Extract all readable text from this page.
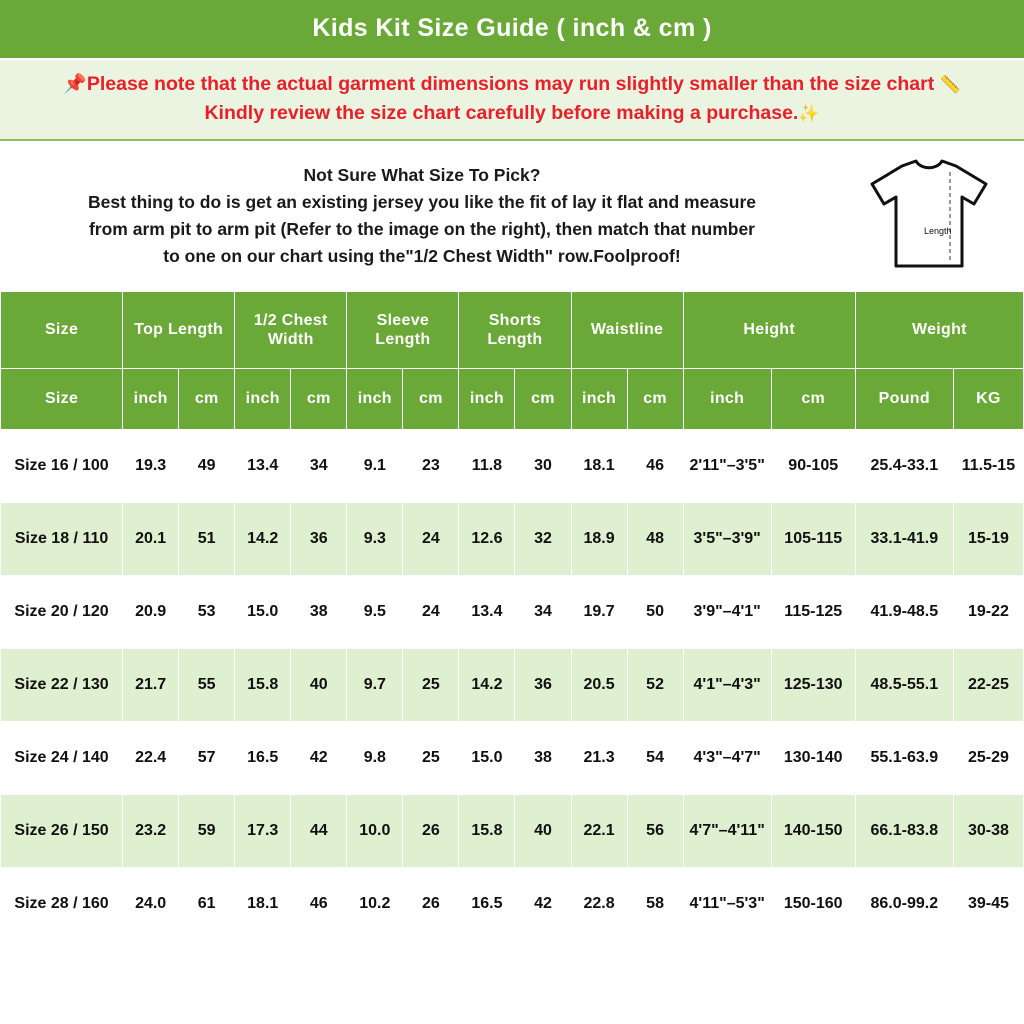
Kids Kit Size Guide ( inch & cm )
📌Please note that the actual garment dimensions may run slightly smaller than the size chart 📏
Kindly review the size chart carefully before making a purchase.✨
Not Sure What Size To Pick?
Best thing to do is get an existing jersey you like the fit of lay it flat and measure
from arm pit to arm pit (Refer to the image on the right), then match that number
to one on our chart using the"1/2 Chest Width" row.Foolproof!
Length
Size	Top Length		1/2 Chest Width		Sleeve Length		Shorts Length		Waistline		Height		Weight	
Size	inch	cm	inch	cm	inch	cm	inch	cm	inch	cm	inch	cm	Pound	KG
Size 16 / 100	19.3	49	13.4	34	9.1	23	11.8	30	18.1	46	2'11"–3'5"	90-105	25.4-33.1	11.5-15
Size 18 / 110	20.1	51	14.2	36	9.3	24	12.6	32	18.9	48	3'5"–3'9"	105-115	33.1-41.9	15-19
Size 20 / 120	20.9	53	15.0	38	9.5	24	13.4	34	19.7	50	3'9"–4'1"	115-125	41.9-48.5	19-22
Size 22 / 130	21.7	55	15.8	40	9.7	25	14.2	36	20.5	52	4'1"–4'3"	125-130	48.5-55.1	22-25
Size 24 / 140	22.4	57	16.5	42	9.8	25	15.0	38	21.3	54	4'3"–4'7"	130-140	55.1-63.9	25-29
Size 26 / 150	23.2	59	17.3	44	10.0	26	15.8	40	22.1	56	4'7"–4'11"	140-150	66.1-83.8	30-38
Size 28 / 160	24.0	61	18.1	46	10.2	26	16.5	42	22.8	58	4'11"–5'3"	150-160	86.0-99.2	39-45
